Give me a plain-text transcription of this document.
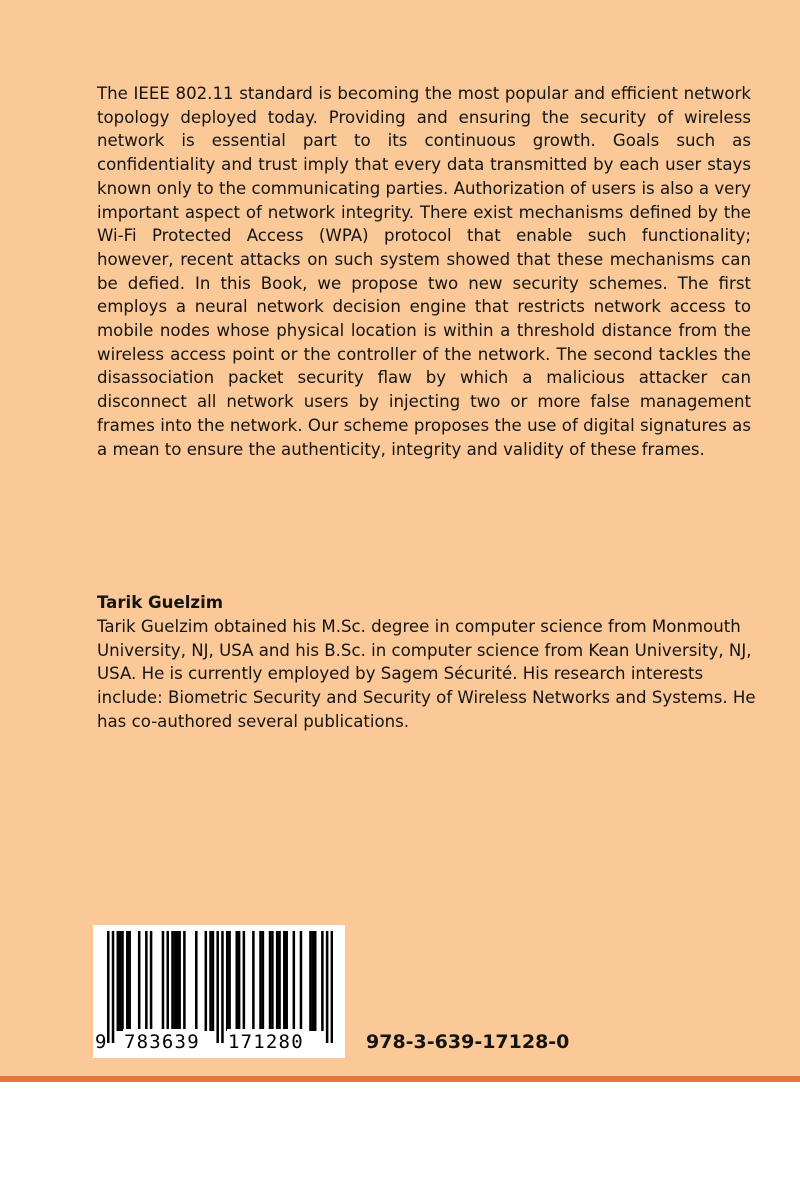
The IEEE 802.11 standard is becoming the most popular and efficient network topology deployed today. Providing and ensuring the security of wireless network is essential part to its continuous growth. Goals such as confidentiality and trust imply that every data transmitted by each user stays known only to the communicating parties. Authorization of users is also a very important aspect of network integrity. There exist mechanisms defined by the Wi-Fi Protected Access (WPA) protocol that enable such functionality; however, recent attacks on such system showed that these mechanisms can be defied. In this Book, we propose two new security schemes. The first employs a neural network decision engine that restricts network access to mobile nodes whose physical location is within a threshold distance from the wireless access point or the controller of the network. The second tackles the disassociation packet security flaw by which a malicious attacker can disconnect all network users by injecting two or more false management frames into the network. Our scheme proposes the use of digital signatures as a mean to ensure the authenticity, integrity and validity of these frames.

Tarik Guelzim

Tarik Guelzim obtained his M.Sc. degree in computer science from Monmouth University, NJ, USA and his B.Sc. in computer science from Kean University, NJ, USA. He is currently employed by Sagem Sécurité. His research interests include: Biometric Security and Security of Wireless Networks and Systems. He has co-authored several publications.

9 783639 171280	978-3-639-17128-0
